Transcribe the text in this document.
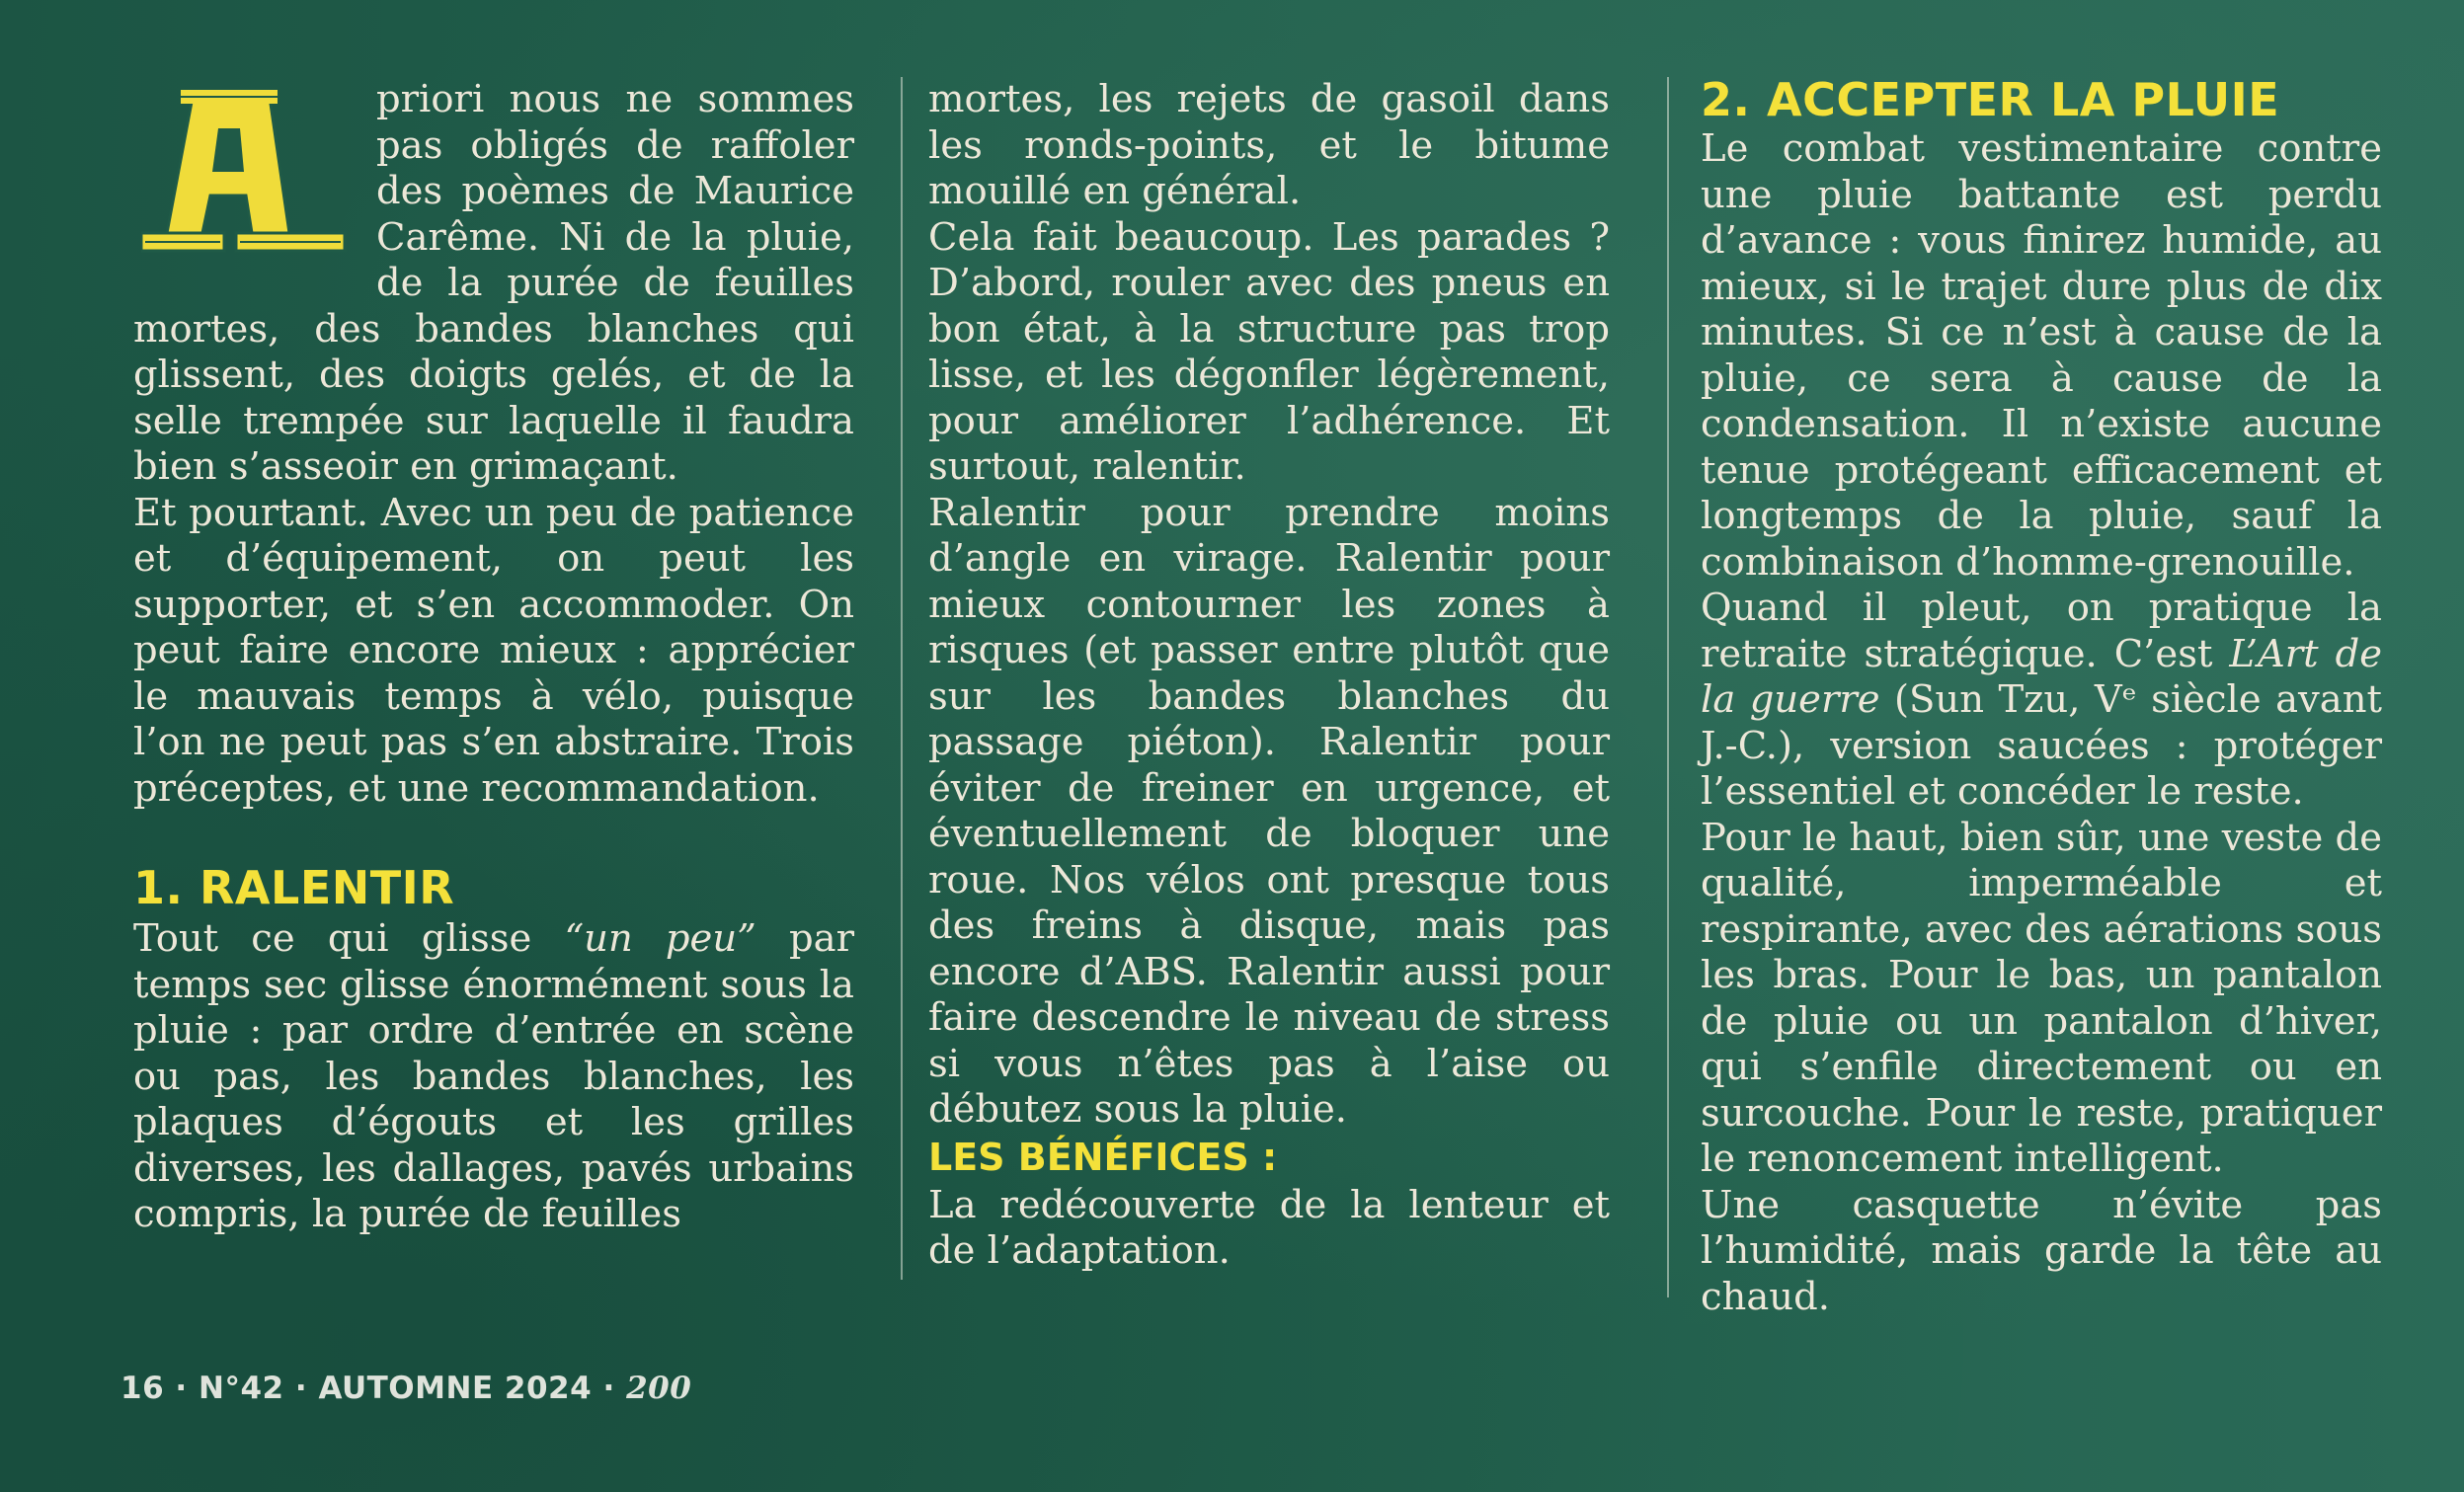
priori nous ne sommes pas obligés de raffoler des poèmes de Maurice Carême. Ni de la pluie, de la purée de feuilles mortes, des bandes blanches qui glissent, des doigts gelés, et de la selle trempée sur laquelle il faudra bien s’asseoir en grimaçant.

Et pourtant. Avec un peu de patience et d’équipement, on peut les supporter, et s’en accommoder. On peut faire encore mieux : apprécier le mauvais temps à vélo, puisque l’on ne peut pas s’en abstraire. Trois préceptes, et une recommandation.

1. RALENTIR

Tout ce qui glisse “un peu” par temps sec glisse énormément sous la pluie : par ordre d’entrée en scène ou pas, les bandes blanches, les plaques d’égouts et les grilles diverses, les dallages, pavés urbains compris, la purée de feuilles

mortes, les rejets de gasoil dans les ronds-points, et le bitume mouillé en général.

Cela fait beaucoup. Les parades ? D’abord, rouler avec des pneus en bon état, à la structure pas trop lisse, et les dégonfler légèrement, pour améliorer l’adhérence. Et surtout, ralentir.

Ralentir pour prendre moins d’angle en virage. Ralentir pour mieux contourner les zones à risques (et passer entre plutôt que sur les bandes blanches du passage piéton). Ralentir pour éviter de freiner en urgence, et éventuellement de bloquer une roue. Nos vélos ont presque tous des freins à disque, mais pas encore d’ABS. Ralentir aussi pour faire descendre le niveau de stress si vous n’êtes pas à l’aise ou débutez sous la pluie.

LES BÉNÉFICES :

La redécouverte de la lenteur et de l’adaptation.

2. ACCEPTER LA PLUIE

Le combat vestimentaire contre une pluie battante est perdu d’avance : vous finirez humide, au mieux, si le trajet dure plus de dix minutes. Si ce n’est à cause de la pluie, ce sera à cause de la condensation. Il n’existe aucune tenue protégeant efficacement et longtemps de la pluie, sauf la combinaison d’homme-grenouille.

Quand il pleut, on pratique la retraite stratégique. C’est L’Art de la guerre (Sun Tzu, Vᵉ siècle avant J.-C.), version saucées : protéger l’essentiel et concéder le reste.

Pour le haut, bien sûr, une veste de qualité, imperméable et respirante, avec des aérations sous les bras. Pour le bas, un pantalon de pluie ou un pantalon d’hiver, qui s’enfile directement ou en surcouche. Pour le reste, pratiquer le renoncement intelligent.

Une casquette n’évite pas l’humidité, mais garde la tête au chaud.

16 · N°42 · AUTOMNE 2024 · 200
